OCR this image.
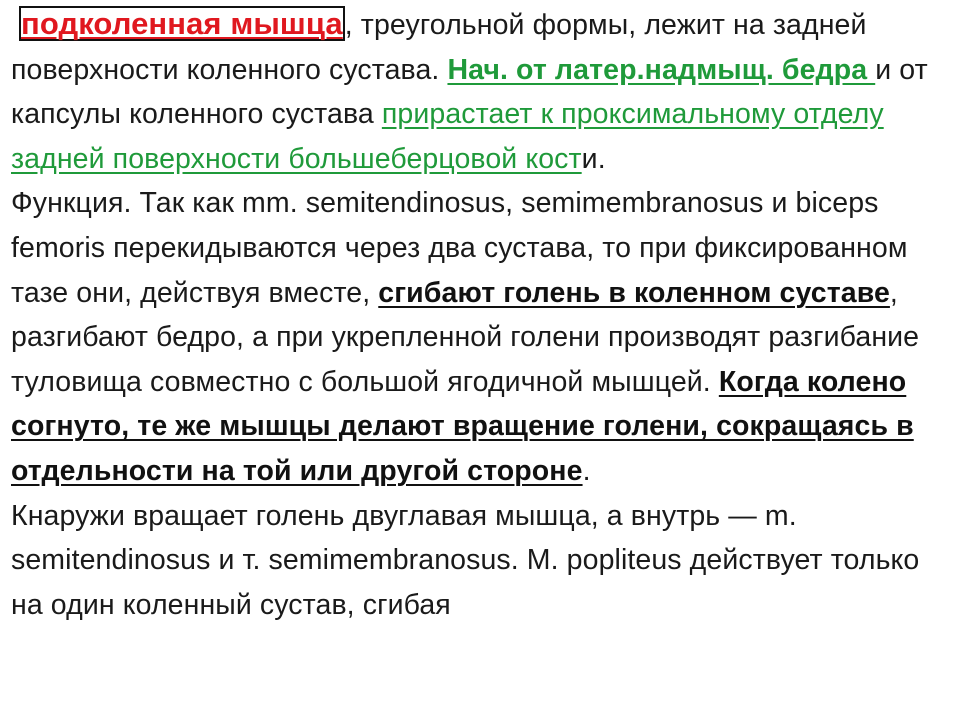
подколенная мышца, треугольной формы, лежит на задней поверхности коленного сустава. Нач. от латер.надмыщ. бедра и от капсулы коленного сустава прирастает к проксимальному отделу задней поверхности большеберцовой кости.

Функция. Так как mm. semitendinosus, semimembranosus и biceps femoris перекидываются через два сустава, то при фиксированном тазе они, действуя вместе, сгибают голень в коленном суставе, разгибают бедро, а при укрепленной голени производят разгибание туловища совместно с большой ягодичной мышцей. Когда колено согнуто, те же мышцы делают вращение голени, сокращаясь в отдельности на той или другой стороне.

Кнаружи вращает голень двуглавая мышца, а внутрь — m. semitendinosus и т. semimembranosus. M. popliteus действует только на один коленный сустав, сгибая
